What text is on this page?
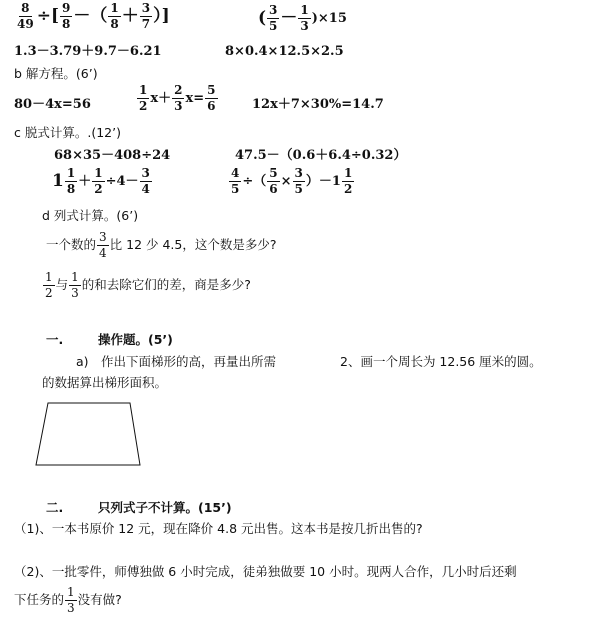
$\frac{8}{49}$ ÷[ $\frac{9}{8}$ －（ $\frac{1}{8} + \frac{3}{7}$ ）]	( $\frac{3}{5} - \frac{1}{3} )\times 15$
1.3－3.79＋9.7－6.21	8×0.4×12.5×2.5
b 解方程。(6’)
80－4x=56	$\frac{1}{2} x+ \frac{2}{3} x= \frac{5}{6}$	12x＋7×30%=14.7
c 脱式计算。.(12’)
68×35－408÷24	47.5－（0.6＋6.4÷0.32）
$1 \frac{1}{8} + \frac{1}{2} \div 4- \frac{3}{4}$	$\frac{4}{5}$ ÷（ $\frac{5}{6} \times \frac{3}{5} )-1 \frac{1}{2}$
d 列式计算。(6’)
一个数的 $\frac{3}{4}$ 比 12 少 4.5，这个数是多少?
$\frac{1}{2}$ 与 $\frac{1}{3}$ 的和去除它们的差，商是多少?
一.	操作题。(5’)
a)　作出下面梯形的高，再量出所需	2、画一个周长为 12.56 厘米的圆。
的数据算出梯形面积。
二.	只列式子不计算。(15’)
（1)、一本书原价 12 元，现在降价 4.8 元出售。这本书是按几折出售的?
（2)、一批零件，师傅独做 6 小时完成，徒弟独做要 10 小时。现两人合作，几小时后还剩
下任务的 $\frac{1}{3}$ 没有做?
